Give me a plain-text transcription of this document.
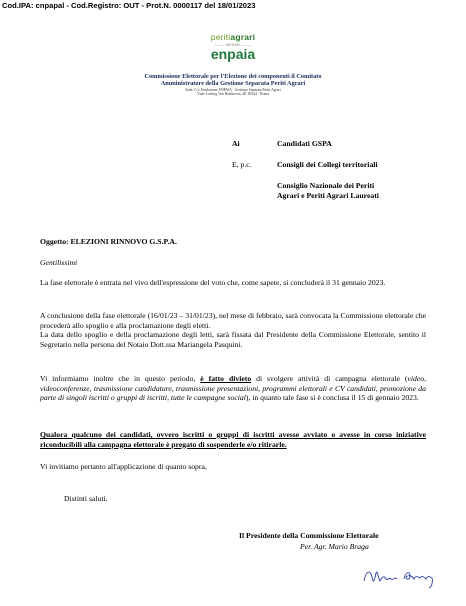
Cod.IPA: cnpapal - Cod.Registro: OUT - Prot.N. 0000117 del 18/01/2023
peritiagrari
——— INSIEME ———
enpaia
Commissione Elettorale per l'Elezione dei componenti il Comitato
Amministratore della Gestione Separata Periti Agrari
Sede: C/o Fondazione ENPAIA - Gestione Separata Periti Agrari
Viale Ludwig Van Beethoven, 48, 00144 - Roma
Ai	Candidati GSPA
E, p.c.	Consigli dei Collegi territoriali
Consiglio Nazionale dei Periti
Agrari e Periti Agrari Laureati
Oggetto: ELEZIONI RINNOVO G.S.P.A.
Gentilissimi
La fase elettorale è entrata nel vivo dell'espressione del voto che, come sapete, si concluderà il 31 gennaio 2023.
A conclusione della fase elettorale (16/01/23 – 31/01/23), nel mese di febbraio, sarà convocata la Commissione elettorale che procederà allo spoglio e alla proclamazione degli eletti.
La data dello spoglio e della proclamazione degli letti, sarà fissata dal Presidente della Commissione Elettorale, sentito il Segretario nella persona del Notaio Dott.ssa Mariangela Pasquini.
Vi informiamo inoltre che in questo periodo, è fatto divieto di svolgere attività di campagna elettorale (video, videoconferenze, trasmissione candidature, trasmissione presentazioni, programmi elettorali e CV candidati, promozione da parte di singoli iscritti o gruppi di iscritti, tutte le campagne social), in quanto tale fase si è conclusa il 15 di gennaio 2023.
Qualora qualcuno dei candidati, ovvero iscritti o gruppi di iscritti avesse avviato o avesse in corso iniziative riconducibili alla campagna elettorale è pregato di sospenderle e/o ritirarle.
Vi invitiamo pertanto all'applicazione di quanto sopra,
Distinti saluti.
Il Presidente della Commissione Elettorale
Per. Agr. Mario Braga
